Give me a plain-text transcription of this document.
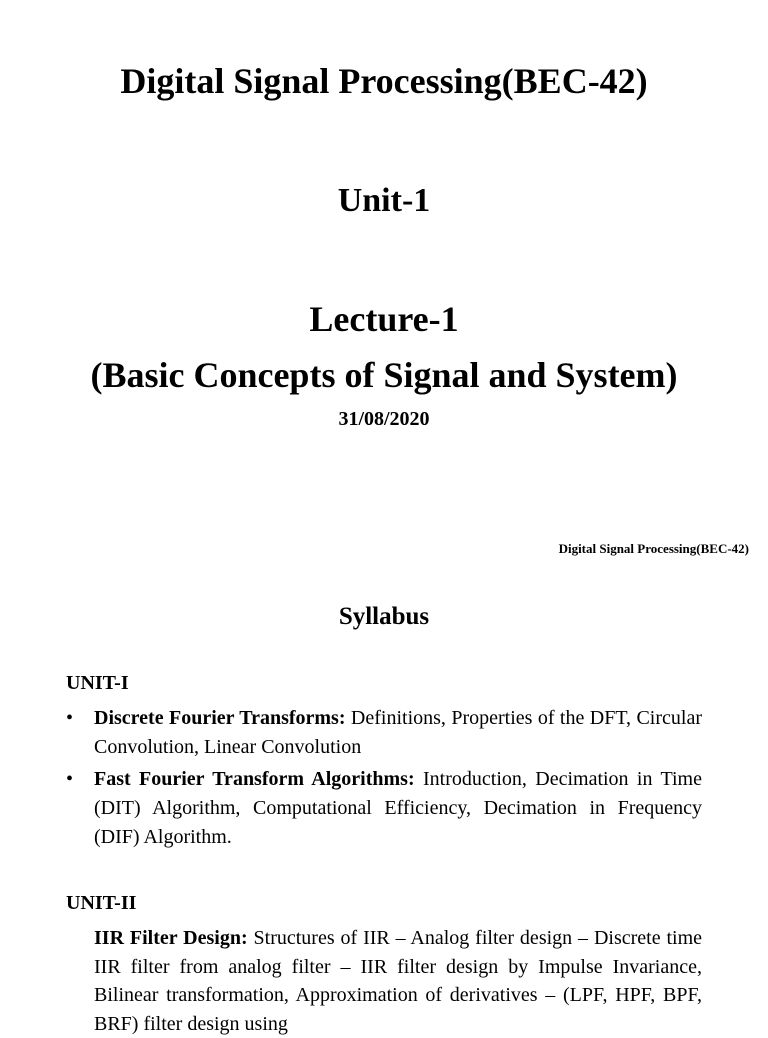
Digital Signal Processing(BEC-42)
Unit-1
Lecture-1
(Basic Concepts of Signal and System)
31/08/2020
Digital Signal Processing(BEC-42)
Syllabus
UNIT-I
• Discrete Fourier Transforms: Definitions, Properties of the DFT, Circular Convolution, Linear Convolution
• Fast Fourier Transform Algorithms: Introduction, Decimation in Time (DIT) Algorithm, Computational Efficiency, Decimation in Frequency (DIF) Algorithm.
UNIT-II
IIR Filter Design: Structures of IIR – Analog filter design – Discrete time IIR filter from analog filter – IIR filter design by Impulse Invariance, Bilinear transformation, Approximation of derivatives – (LPF, HPF, BPF, BRF) filter design using
